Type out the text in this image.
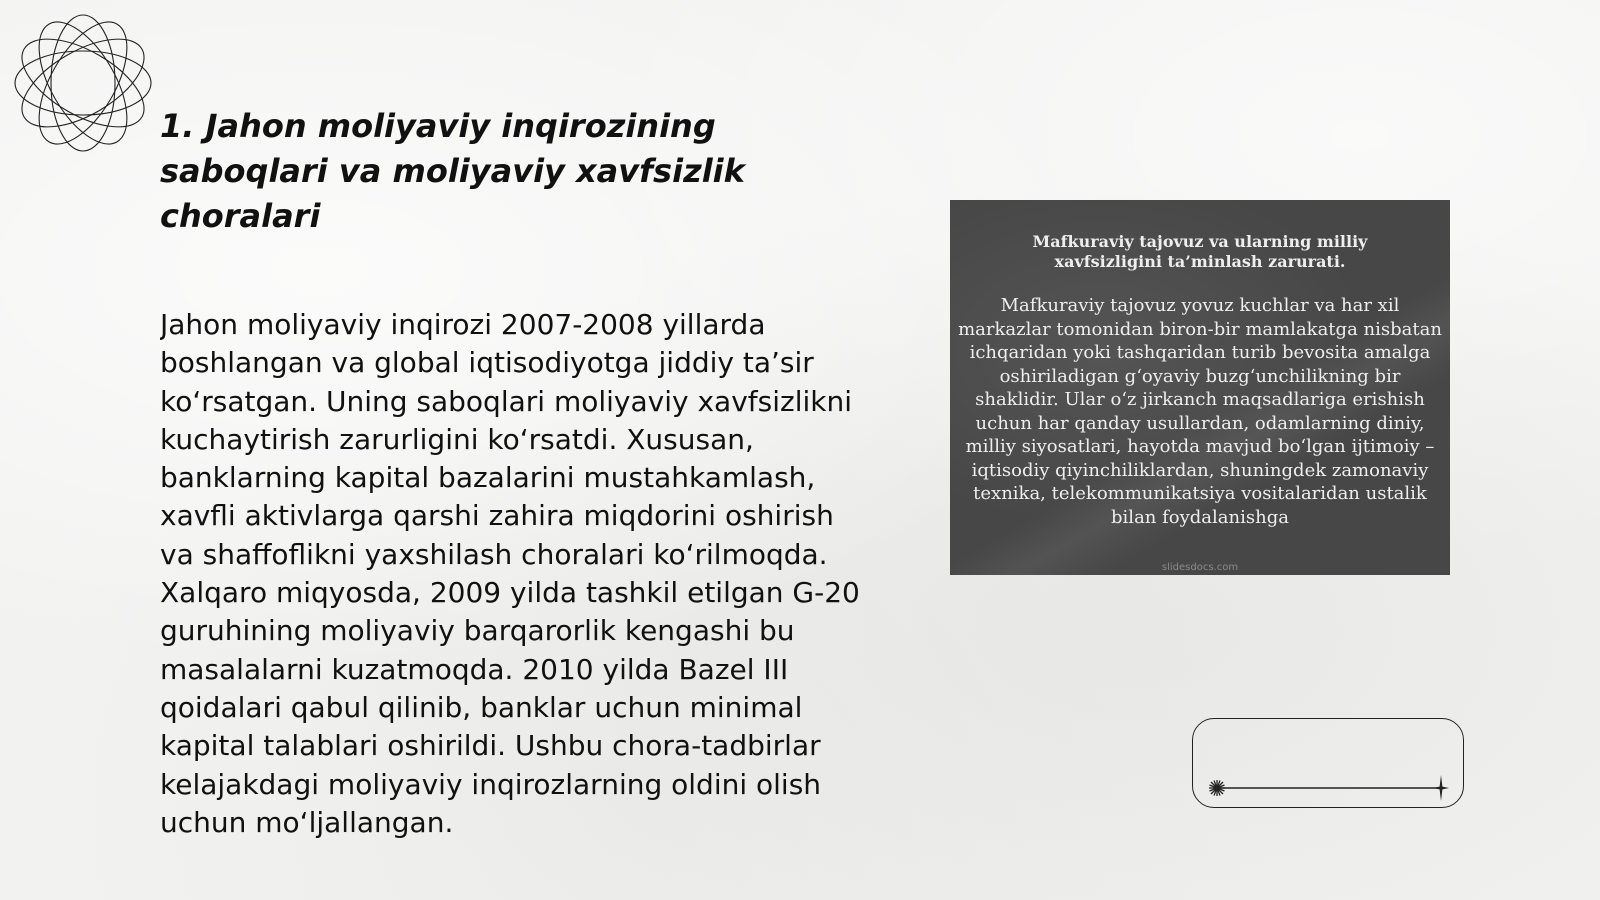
1. Jahon moliyaviy inqirozining saboqlari va moliyaviy xavfsizlik choralari

Jahon moliyaviy inqirozi 2007-2008 yillarda boshlangan va global iqtisodiyotga jiddiy ta’sir ko‘rsatgan. Uning saboqlari moliyaviy xavfsizlikni kuchaytirish zarurligini ko‘rsatdi. Xususan, banklarning kapital bazalarini mustahkamlash, xavfli aktivlarga qarshi zahira miqdorini oshirish va shaffoflikni yaxshilash choralari ko‘rilmoqda. Xalqaro miqyosda, 2009 yilda tashkil etilgan G-20 guruhining moliyaviy barqarorlik kengashi bu masalalarni kuzatmoqda. 2010 yilda Bazel III qoidalari qabul qilinib, banklar uchun minimal kapital talablari oshirildi. Ushbu chora-tadbirlar kelajakdagi moliyaviy inqirozlarning oldini olish uchun mo‘ljallangan.

Mafkuraviy tajovuz va ularning milliy xavfsizligini ta’minlash zarurati.

Mafkuraviy tajovuz yovuz kuchlar va har xil markazlar tomonidan biron-bir mamlakatga nisbatan ichqaridan yoki tashqaridan turib bevosita amalga oshiriladigan g‘oyaviy buzg‘unchilikning bir shaklidir. Ular o‘z jirkanch maqsadlariga erishish uchun har qanday usullardan, odamlarning diniy, milliy siyosatlari, hayotda mavjud bo‘lgan ijtimoiy – iqtisodiy qiyinchiliklardan, shuningdek zamonaviy texnika, telekommunikatsiya vositalaridan ustalik bilan foydalanishga

slidesdocs.com
